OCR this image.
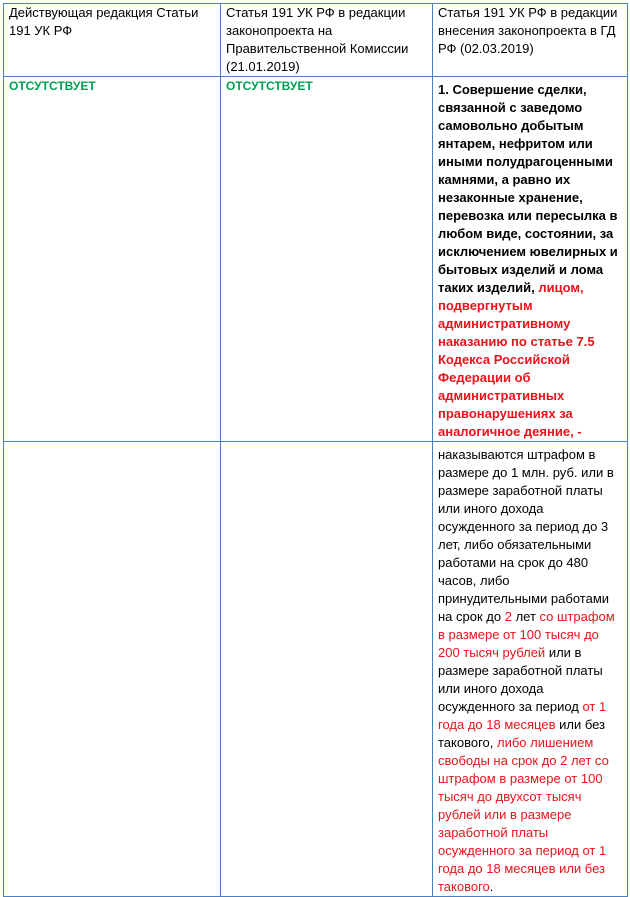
Действующая редакция Статьи 191 УК РФ	Статья 191 УК РФ в редакции законопроекта на Правительственной Комиссии (21.01.2019)	Статья 191 УК РФ в редакции внесения законопроекта в ГД РФ (02.03.2019)
ОТСУТСТВУЕТ	ОТСУТСТВУЕТ	1. Совершение сделки, связанной с заведомо самовольно добытым янтарем, нефритом или иными полудрагоценными камнями, а равно их незаконные хранение, перевозка или пересылка в любом виде, состоянии, за исключением ювелирных и бытовых изделий и лома таких изделий, лицом, подвергнутым административному наказанию по статье 7.5 Кодекса Российской Федерации об административных правонарушениях за аналогичное деяние, -
		наказываются штрафом в размере до 1 млн. руб. или в размере заработной платы или иного дохода осужденного за период до 3 лет, либо обязательными работами на срок до 480 часов, либо принудительными работами на срок до 2 лет со штрафом в размере от 100 тысяч до 200 тысяч рублей или в размере заработной платы или иного дохода осужденного за период от 1 года до 18 месяцев или без такового, либо лишением свободы на срок до 2 лет со штрафом в размере от 100 тысяч до двухсот тысяч рублей или в размере заработной платы осужденного за период от 1 года до 18 месяцев или без такового.
